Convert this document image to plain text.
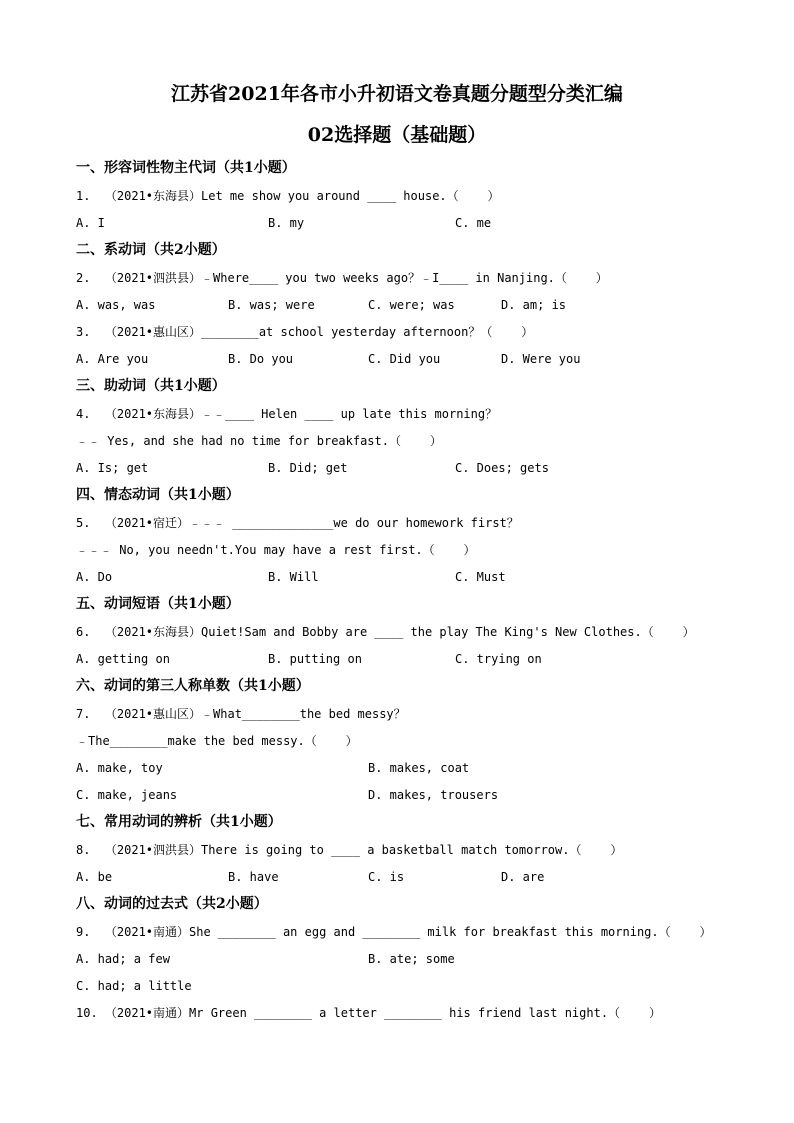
江苏省2021年各市小升初语文卷真题分题型分类汇编
02选择题（基础题）
一、形容词性物主代词（共1小题）
1.  （2021•东海县）Let me show you around ____ house.（    ）
A. I	B. my	C. me
二、系动词（共2小题）
2.  （2021•泗洪县）﹣Where____ you two weeks ago？﹣I____ in Nanjing.（    ）
A. was, was	B. was; were	C. were; was	D. am; is
3.  （2021•惠山区）________at school yesterday afternoon？（    ）
A. Are you	B. Do you	C. Did you	D. Were you
三、助动词（共1小题）
4.  （2021•东海县）﹣﹣____ Helen ____ up late this morning？
﹣﹣ Yes, and she had no time for breakfast.（    ）
A. Is; get	B. Did; get	C. Does; gets
四、情态动词（共1小题）
5.  （2021•宿迁）﹣﹣﹣ ______________we do our homework first？
﹣﹣﹣ No, you needn't.You may have a rest first.（    ）
A. Do	B. Will	C. Must
五、动词短语（共1小题）
6.  （2021•东海县）Quiet!Sam and Bobby are ____ the play The King's New Clothes.（    ）
A. getting on	B. putting on	C. trying on
六、动词的第三人称单数（共1小题）
7.  （2021•惠山区）﹣What________the bed messy？
﹣The________make the bed messy.（    ）
A. make, toy	B. makes, coat
C. make, jeans	D. makes, trousers
七、常用动词的辨析（共1小题）
8.  （2021•泗洪县）There is going to ____ a basketball match tomorrow.（    ）
A. be	B. have	C. is	D. are
八、动词的过去式（共2小题）
9.  （2021•南通）She ________ an egg and ________ milk for breakfast this morning.（    ）
A. had; a few	B. ate; some
C. had; a little
10. （2021•南通）Mr Green ________ a letter ________ his friend last night.（    ）
